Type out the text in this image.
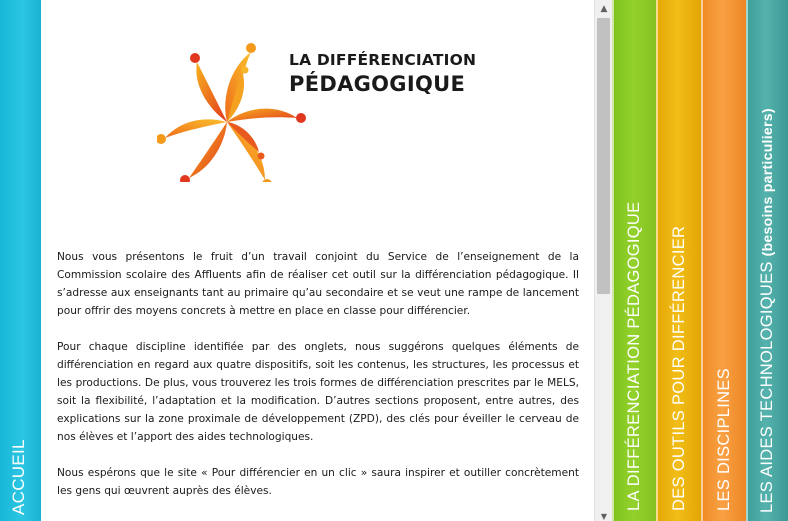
ACCUEIL
LA DIFFÉRENCIATION
PÉDAGOGIQUE

Nous vous présentons le fruit d’un travail conjoint du Service de l’enseignement de la Commission scolaire des Affluents afin de réaliser cet outil sur la différenciation pédagogique. Il s’adresse aux enseignants tant au primaire qu’au secondaire et se veut une rampe de lancement pour offrir des moyens concrets à mettre en place en classe pour différencier.

Pour chaque discipline identifiée par des onglets, nous suggérons quelques éléments de différenciation en regard aux quatre dispositifs, soit les contenus, les structures, les processus et les productions. De plus, vous trouverez les trois formes de différenciation prescrites par le MELS, soit la flexibilité, l’adaptation et la modification. D’autres sections proposent, entre autres, des explications sur la zone proximale de développement (ZPD), des clés pour éveiller le cerveau de nos élèves et l’apport des aides technologiques.

Nous espérons que le site « Pour différencier en un clic » saura inspirer et outiller concrètement les gens qui œuvrent auprès des élèves.

▲
▼
LA DIFFÉRENCIATION PÉDAGOGIQUE DES OUTILS POUR DIFFÉRENCIER LES DISCIPLINES LES AIDES TECHNOLOGIQUES (besoins particuliers)
